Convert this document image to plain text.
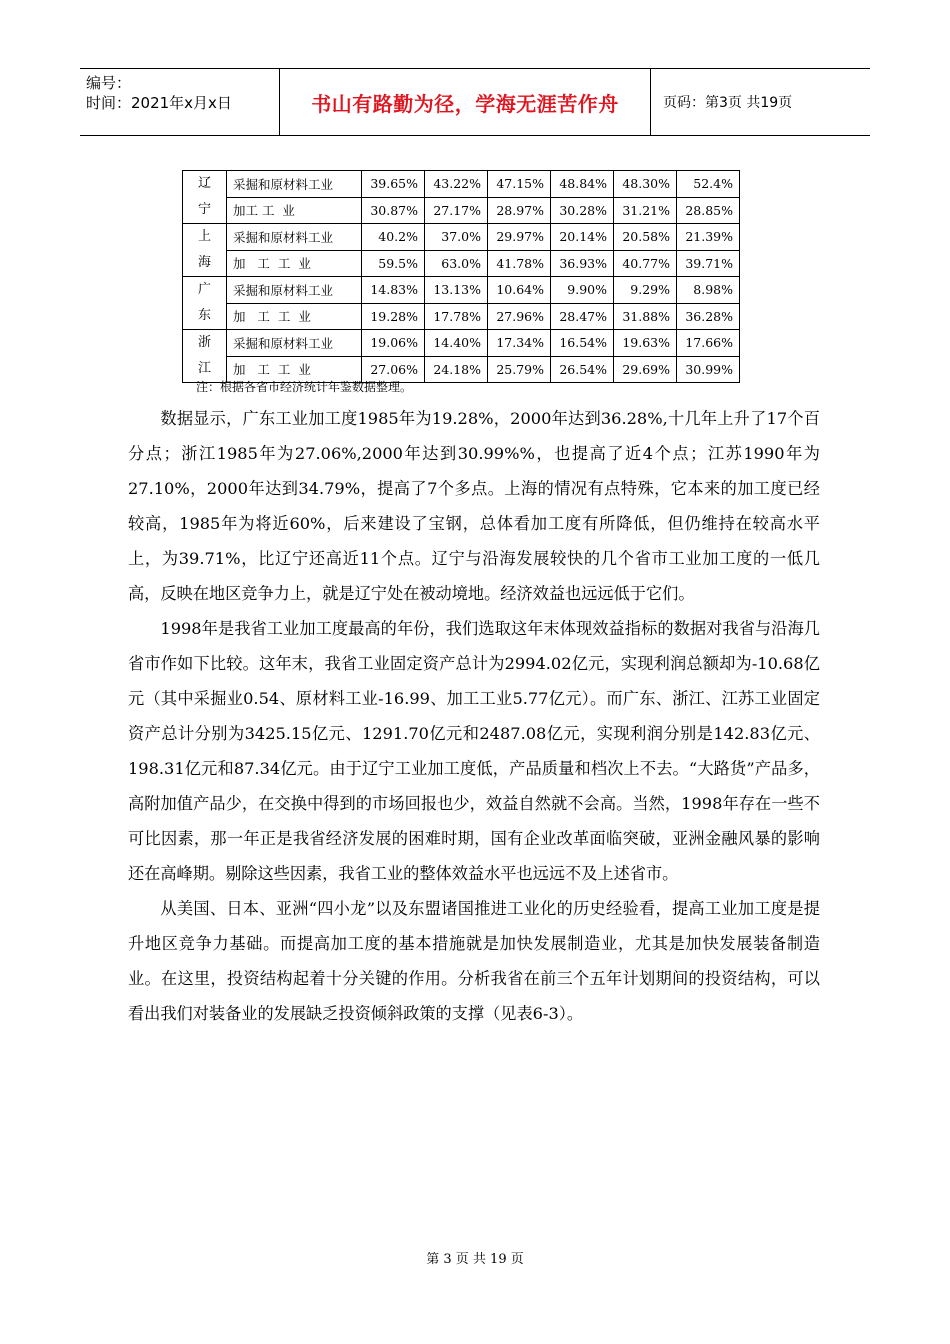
编号：
时间：2021年x月x日	书山有路勤为径，学海无涯苦作舟	页码：第3页 共19页
辽
宁	采掘和原材料工业	39.65%	43.22%	47.15%	48.84%	48.30%	52.4%
	加工 工  业	30.87%	27.17%	28.97%	30.28%	31.21%	28.85%

上
海	采掘和原材料工业	40.2%	37.0%	29.97%	20.14%	20.58%	21.39%
	加   工  工  业	59.5%	63.0%	41.78%	36.93%	40.77%	39.71%

广
东	采掘和原材料工业	14.83%	13.13%	10.64%	9.90%	9.29%	8.98%
	加   工  工  业	19.28%	17.78%	27.96%	28.47%	31.88%	36.28%

浙
江	采掘和原材料工业	19.06%	14.40%	17.34%	16.54%	19.63%	17.66%
	加   工  工  业	27.06%	24.18%	25.79%	26.54%	29.69%	30.99%
注：根据各省市经济统计年鉴数据整理。

数据显示，广东工业加工度1985年为19.28%，2000年达到36.28%,十几年上升了17个百分点；浙江1985年为27.06%,2000年达到30.99%%，也提高了近4个点；江苏1990年为27.10%，2000年达到34.79%，提高了7个多点。上海的情况有点特殊，它本来的加工度已经较高，1985年为将近60%，后来建设了宝钢，总体看加工度有所降低，但仍维持在较高水平上，为39.71%，比辽宁还高近11个点。辽宁与沿海发展较快的几个省市工业加工度的一低几高，反映在地区竞争力上，就是辽宁处在被动境地。经济效益也远远低于它们。

1998年是我省工业加工度最高的年份，我们选取这年末体现效益指标的数据对我省与沿海几省市作如下比较。这年末，我省工业固定资产总计为2994.02亿元，实现利润总额却为-10.68亿元（其中采掘业0.54、原材料工业-16.99、加工工业5.77亿元）。而广东、浙江、江苏工业固定资产总计分别为3425.15亿元、1291.70亿元和2487.08亿元，实现利润分别是142.83亿元、198.31亿元和87.34亿元。由于辽宁工业加工度低，产品质量和档次上不去。“大路货”产品多，高附加值产品少，在交换中得到的市场回报也少，效益自然就不会高。当然，1998年存在一些不可比因素，那一年正是我省经济发展的困难时期，国有企业改革面临突破，亚洲金融风暴的影响还在高峰期。剔除这些因素，我省工业的整体效益水平也远远不及上述省市。

从美国、日本、亚洲“四小龙”以及东盟诸国推进工业化的历史经验看，提高工业加工度是提升地区竞争力基础。而提高加工度的基本措施就是加快发展制造业，尤其是加快发展装备制造业。在这里，投资结构起着十分关键的作用。分析我省在前三个五年计划期间的投资结构，可以看出我们对装备业的发展缺乏投资倾斜政策的支撑（见表6-3）。

第 3 页 共 19 页
